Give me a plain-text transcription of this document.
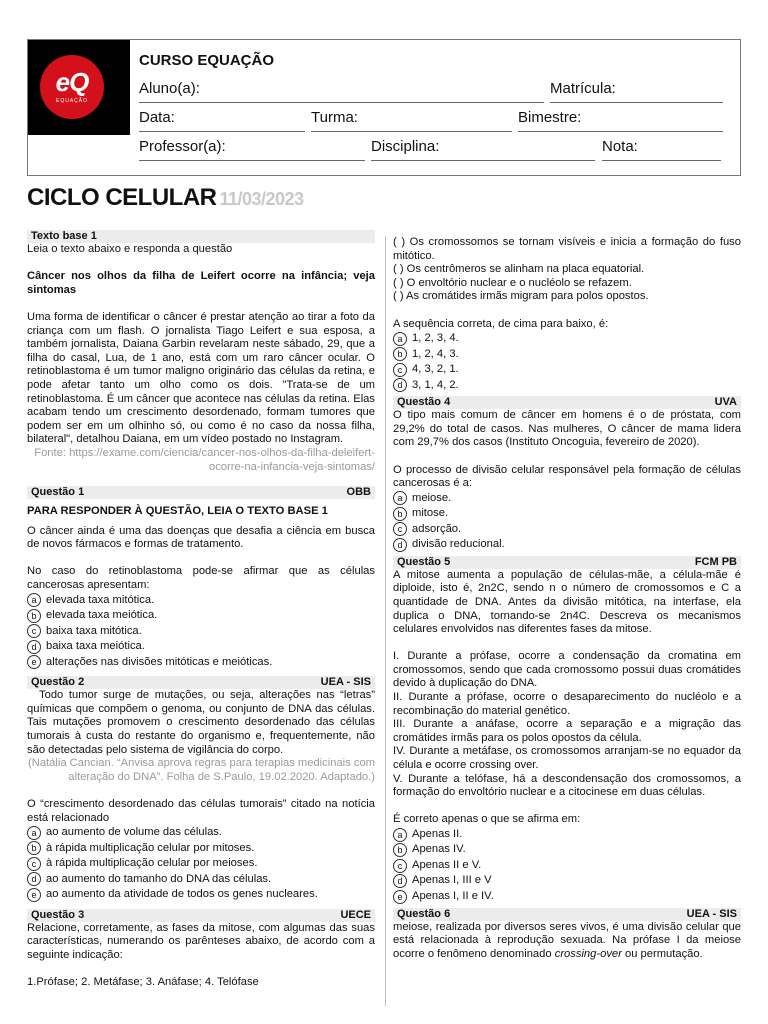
eQ
EQUAÇÃO
CURSO EQUAÇÃO
Aluno(a):	Matrícula:
Data:	Turma:	Bimestre:
Professor(a):	Disciplina:	Nota:
CICLO CELULAR 11/03/2023
Texto base 1

Leia o texto abaixo e responda a questão

Câncer nos olhos da filha de Leifert ocorre na infância; veja sintomas

Uma forma de identificar o câncer é prestar atenção ao tirar a foto da criança com um flash. O jornalista Tiago Leifert e sua esposa, a também jornalista, Daiana Garbin revelaram neste sábado, 29, que a filha do casal, Lua, de 1 ano, está com um raro câncer ocular. O retinoblastoma é um tumor maligno originário das células da retina, e pode afetar tanto um olho como os dois. "Trata-se de um retinoblastoma. É um câncer que acontece nas células da retina. Elas acabam tendo um crescimento desordenado, formam tumores que podem ser em um olhinho só, ou como é no caso da nossa filha, bilateral", detalhou Daiana, em um vídeo postado no Instagram.

Fonte: https://exame.com/ciencia/cancer-nos-olhos-da-filha-deleifert-ocorre-na-infancia-veja-sintomas/

Questão 1	OBB

PARA RESPONDER À QUESTÃO, LEIA O TEXTO BASE 1

O câncer ainda é uma das doenças que desafia a ciência em busca de novos fármacos e formas de tratamento.

No caso do retinoblastoma pode-se afirmar que as células cancerosas apresentam:

a elevada taxa mitótica.
b elevada taxa meiótica.
c baixa taxa mitótica.
d baixa taxa meiótica.
e alterações nas divisões mitóticas e meióticas.
Questão 2	UEA - SIS

Todo tumor surge de mutações, ou seja, alterações nas “letras” químicas que compõem o genoma, ou conjunto de DNA das células. Tais mutações promovem o crescimento desordenado das células tumorais à custa do restante do organismo e, frequentemente, não são detectadas pelo sistema de vigilância do corpo.

(Natália Cancian. “Anvisa aprova regras para terapias medicinais com alteração do DNA”. Folha de S.Paulo, 19.02.2020. Adaptado.)

O “crescimento desordenado das células tumorais” citado na notícia está relacionado

a ao aumento de volume das células.
b à rápida multiplicação celular por mitoses.
c à rápida multiplicação celular por meioses.
d ao aumento do tamanho do DNA das células.
e ao aumento da atividade de todos os genes nucleares.
Questão 3	UECE

Relacione, corretamente, as fases da mitose, com algumas das suas características, numerando os parênteses abaixo, de acordo com a seguinte indicação:

1.Prófase; 2. Metáfase; 3. Anáfase; 4. Telófase

( ) Os cromossomos se tornam visíveis e inicia a formação do fuso mitótico.

( ) Os centrômeros se alinham na placa equatorial.

( ) O envoltório nuclear e o nucléolo se refazem.

( ) As cromátides irmãs migram para polos opostos.

A sequência correta, de cima para baixo, é:

a 1, 2, 3, 4.
b 1, 2, 4, 3.
c 4, 3, 2, 1.
d 3, 1, 4, 2.
Questão 4	UVA

O tipo mais comum de câncer em homens é o de próstata, com 29,2% do total de casos. Nas mulheres, O câncer de mama lidera com 29,7% dos casos (Instituto Oncoguia, fevereiro de 2020).

O processo de divisão celular responsável pela formação de células cancerosas é a:

a meiose.
b mitose.
c adsorção.
d divisão reducional.
Questão 5	FCM PB

A mitose aumenta a população de células-mãe, a célula-mãe é diploide, isto é, 2n2C, sendo n o número de cromossomos e C a quantidade de DNA. Antes da divisão mitótica, na interfase, ela duplica o DNA, tornando-se 2n4C. Descreva os mecanismos celulares envolvidos nas diferentes fases da mitose.

I. Durante a prófase, ocorre a condensação da cromatina em cromossomos, sendo que cada cromossomo possui duas cromátides devido à duplicação do DNA.

II. Durante a prófase, ocorre o desaparecimento do nucléolo e a recombinação do material genético.

III. Durante a anáfase, ocorre a separação e a migração das cromátides irmãs para os polos opostos da célula.

IV. Durante a metáfase, os cromossomos arranjam-se no equador da célula e ocorre crossing over.

V. Durante a telófase, há a descondensação dos cromossomos, a formação do envoltório nuclear e a citocinese em duas células.

É correto apenas o que se afirma em:

a Apenas II.
b Apenas IV.
c Apenas II e V.
d Apenas I, III e V
e Apenas I, II e IV.
Questão 6	UEA - SIS

meiose, realizada por diversos seres vivos, é uma divisão celular que está relacionada à reprodução sexuada. Na prófase I da meiose ocorre o fenômeno denominado crossing-over ou permutação.
